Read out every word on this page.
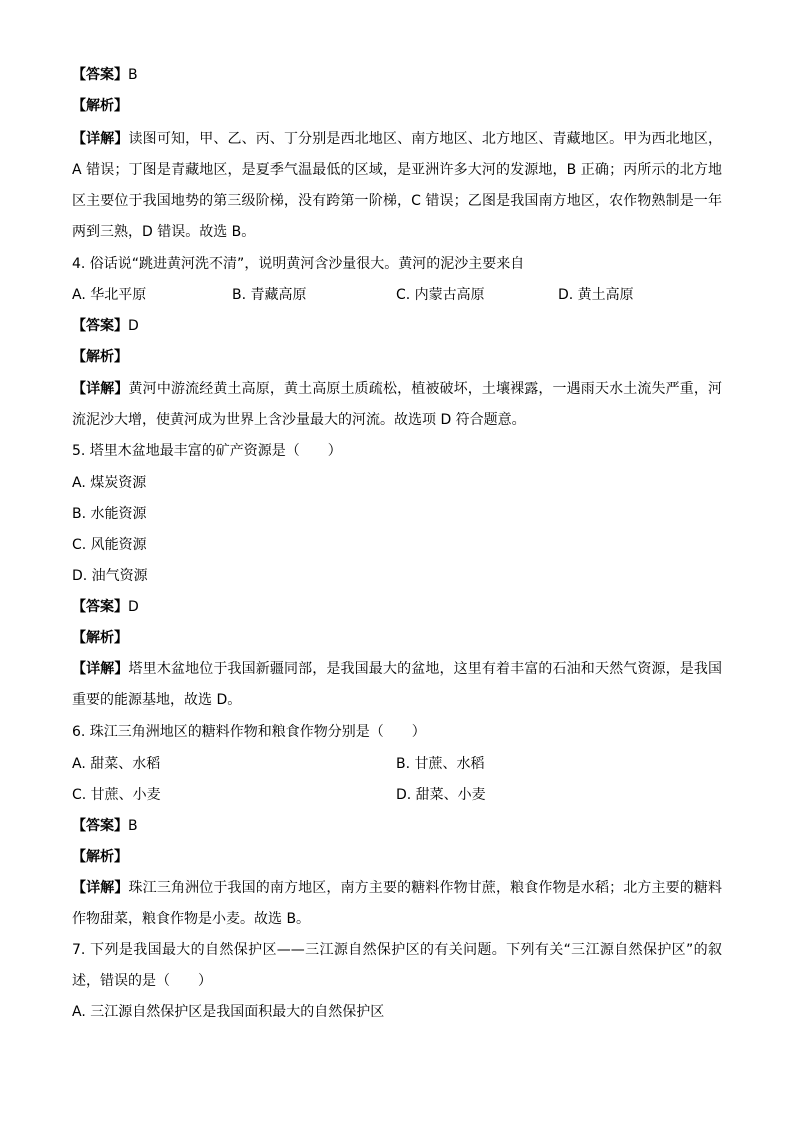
【答案】B
【解析】
【详解】读图可知，甲、乙、丙、丁分别是西北地区、南方地区、北方地区、青藏地区。甲为西北地区，
A 错误；丁图是青藏地区，是夏季气温最低的区域，是亚洲许多大河的发源地，B 正确；丙所示的北方地
区主要位于我国地势的第三级阶梯，没有跨第一阶梯，C 错误；乙图是我国南方地区，农作物熟制是一年
两到三熟，D 错误。故选 B。
4. 俗话说“跳进黄河洗不清”，说明黄河含沙量很大。黄河的泥沙主要来自
A. 华北平原	B. 青藏高原	C. 内蒙古高原	D. 黄土高原
【答案】D
【解析】
【详解】黄河中游流经黄土高原，黄土高原土质疏松，植被破坏，土壤裸露，一遇雨天水土流失严重，河
流泥沙大增，使黄河成为世界上含沙量最大的河流。故选项 D 符合题意。
5. 塔里木盆地最丰富的矿产资源是（　　）
A. 煤炭资源
B. 水能资源
C. 风能资源
D. 油气资源
【答案】D
【解析】
【详解】塔里木盆地位于我国新疆同部，是我国最大的盆地，这里有着丰富的石油和天然气资源，是我国
重要的能源基地，故选 D。
6. 珠江三角洲地区的糖料作物和粮食作物分别是（　　）
A. 甜菜、水稻	B. 甘蔗、水稻
C. 甘蔗、小麦	D. 甜菜、小麦
【答案】B
【解析】
【详解】珠江三角洲位于我国的南方地区，南方主要的糖料作物甘蔗，粮食作物是水稻；北方主要的糖料
作物甜菜，粮食作物是小麦。故选 B。
7. 下列是我国最大的自然保护区——三江源自然保护区的有关问题。下列有关“三江源自然保护区”的叙
述，错误的是（　　）
A. 三江源自然保护区是我国面积最大的自然保护区
